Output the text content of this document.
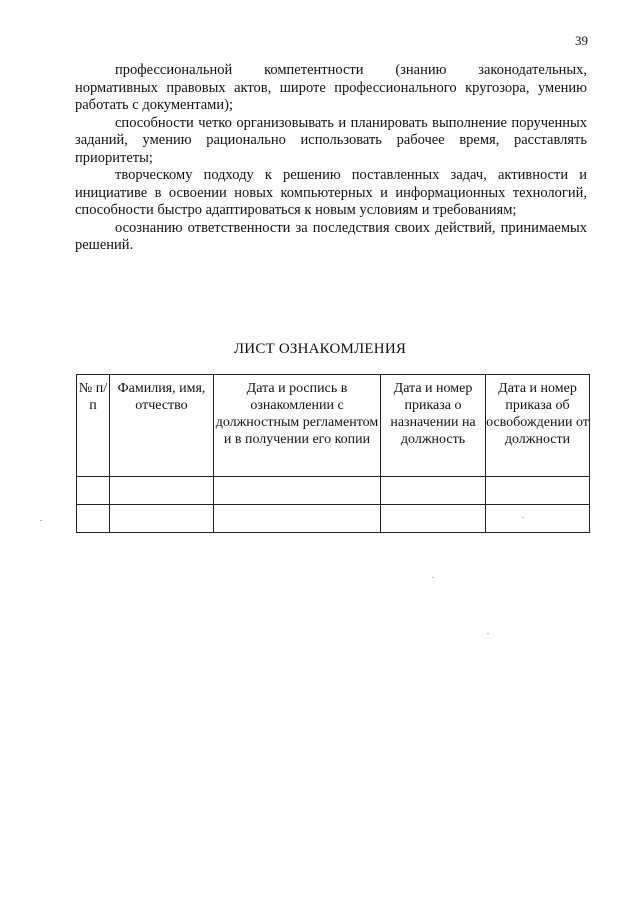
39

профессиональной компетентности (знанию законодательных, нормативных правовых актов, широте профессионального кругозора, умению работать с документами);

способности четко организовывать и планировать выполнение порученных заданий, умению рационально использовать рабочее время, расставлять приоритеты;

творческому подходу к решению поставленных задач, активности и инициативе в освоении новых компьютерных и информационных технологий, способности быстро адаптироваться к новым условиям и требованиям;

осознанию ответственности за последствия своих действий, принимаемых решений.

ЛИСТ ОЗНАКОМЛЕНИЯ
№ п/п	Фамилия, имя, отчество	Дата и роспись в ознакомлении с должностным регламентом и в получении его копии	Дата и номер приказа о назначении на должность	Дата и номер приказа об освобождении от должности
